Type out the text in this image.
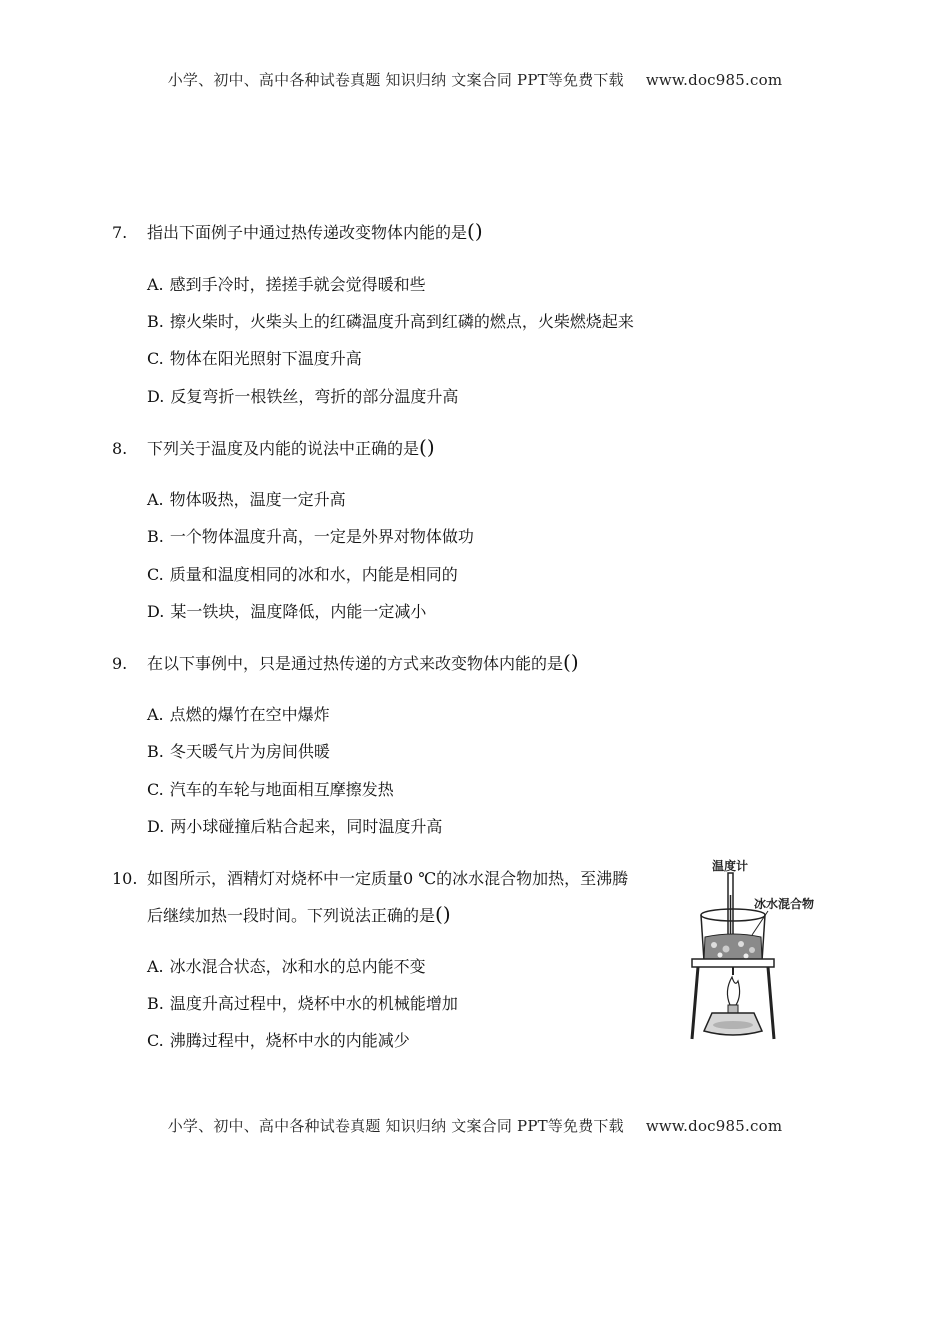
小学、初中、高中各种试卷真题 知识归纳 文案合同 PPT等免费下载 www.doc985.com
7. 指出下面例子中通过热传递改变物体内能的是()
A. 感到手冷时，搓搓手就会觉得暖和些
B. 擦火柴时，火柴头上的红磷温度升高到红磷的燃点，火柴燃烧起来
C. 物体在阳光照射下温度升高
D. 反复弯折一根铁丝，弯折的部分温度升高
8. 下列关于温度及内能的说法中正确的是()
A. 物体吸热，温度一定升高
B. 一个物体温度升高，一定是外界对物体做功
C. 质量和温度相同的冰和水，内能是相同的
D. 某一铁块，温度降低，内能一定减小
9. 在以下事例中，只是通过热传递的方式来改变物体内能的是()
A. 点燃的爆竹在空中爆炸
B. 冬天暖气片为房间供暖
C. 汽车的车轮与地面相互摩擦发热
D. 两小球碰撞后粘合起来，同时温度升高
10. 如图所示，酒精灯对烧杯中一定质量0 ℃的冰水混合物加热，至沸腾
后继续加热一段时间。下列说法正确的是()
A. 冰水混合状态，冰和水的总内能不变
B. 温度升高过程中，烧杯中水的机械能增加
C. 沸腾过程中，烧杯中水的内能减少
温度计
冰水混合物
小学、初中、高中各种试卷真题 知识归纳 文案合同 PPT等免费下载 www.doc985.com
